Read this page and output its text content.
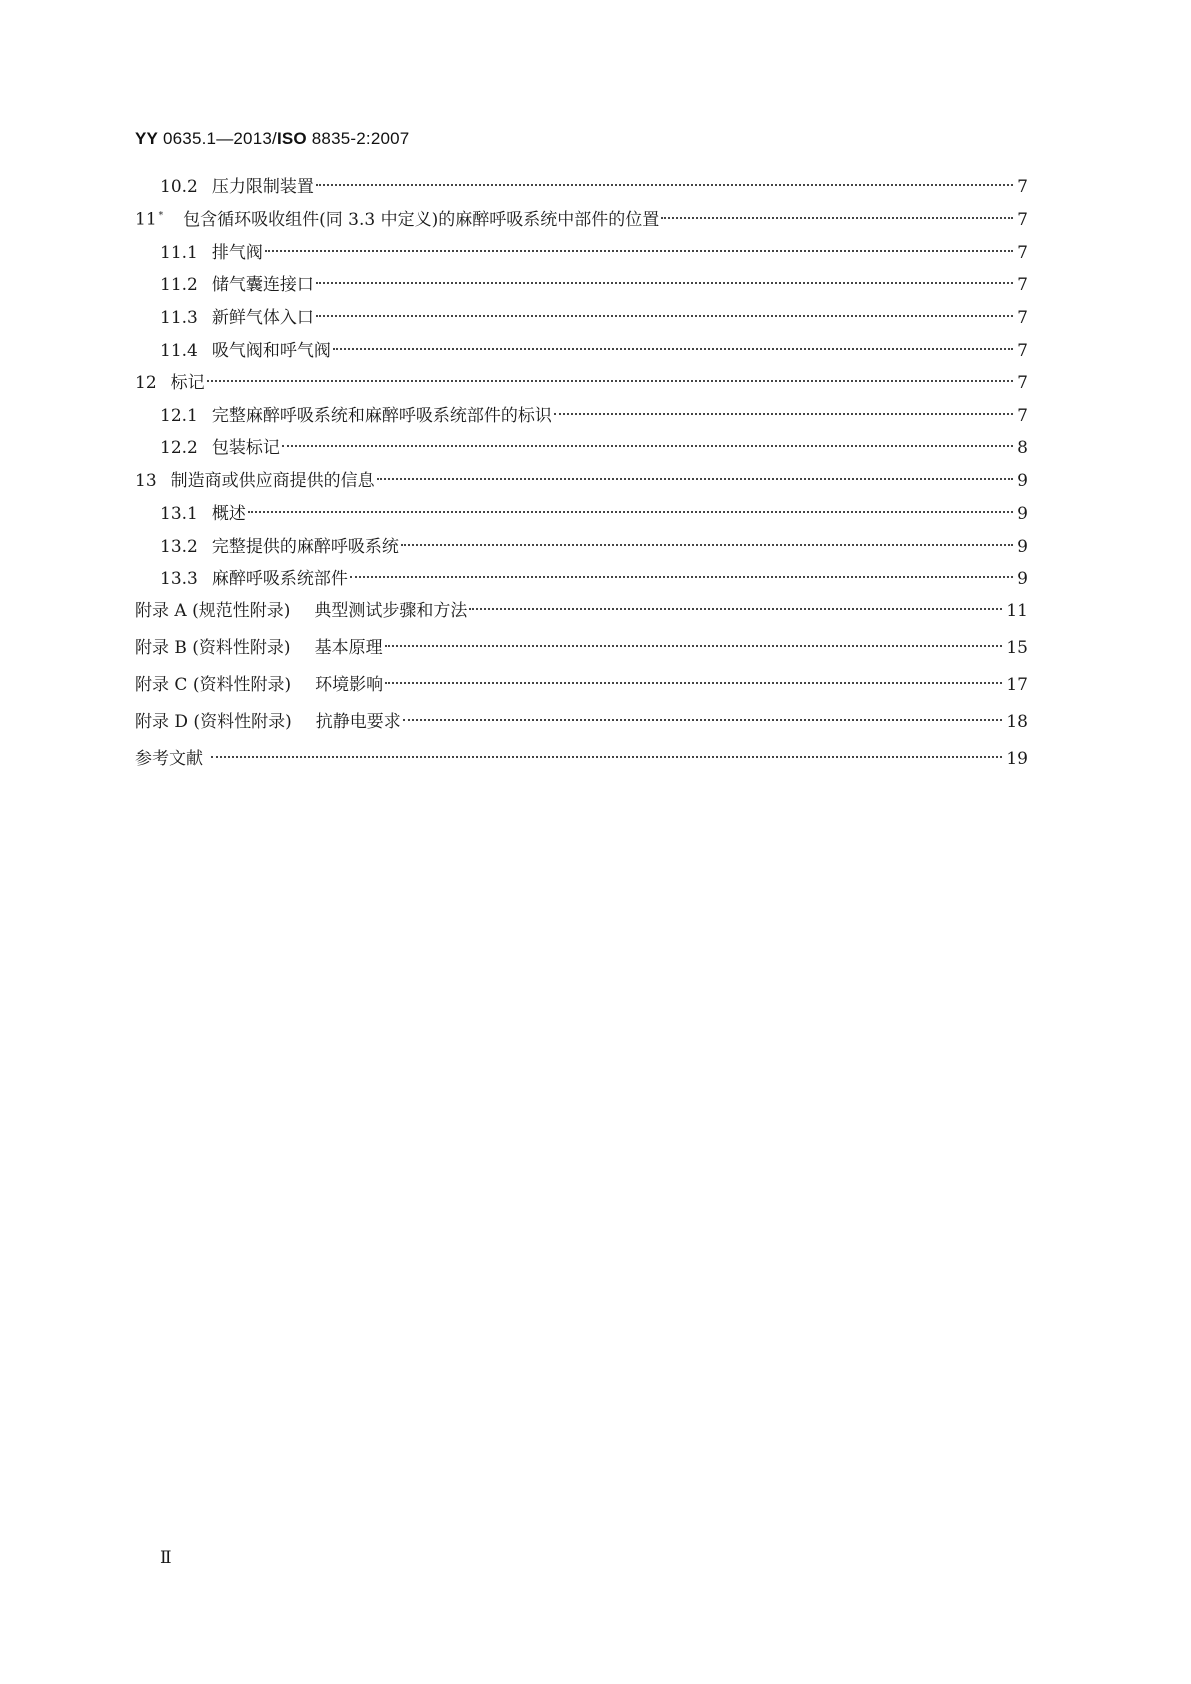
YY 0635.1—2013/ISO 8835-2:2007
10.2 压力限制装置	7
11 * 包含循环吸收组件(同 3.3 中定义)的麻醉呼吸系统中部件的位置	7
11.1 排气阀	7
11.2 储气囊连接口	7
11.3 新鲜气体入口	7
11.4 吸气阀和呼气阀	7
12 标记	7
12.1 完整麻醉呼吸系统和麻醉呼吸系统部件的标识	7
12.2 包装标记	8
13 制造商或供应商提供的信息	9
13.1 概述	9
13.2 完整提供的麻醉呼吸系统	9
13.3 麻醉呼吸系统部件	9
附录 A (规范性附录) 典型测试步骤和方法	11
附录 B (资料性附录) 基本原理	15
附录 C (资料性附录) 环境影响	17
附录 D (资料性附录) 抗静电要求	18
参考文献	19
Ⅱ
